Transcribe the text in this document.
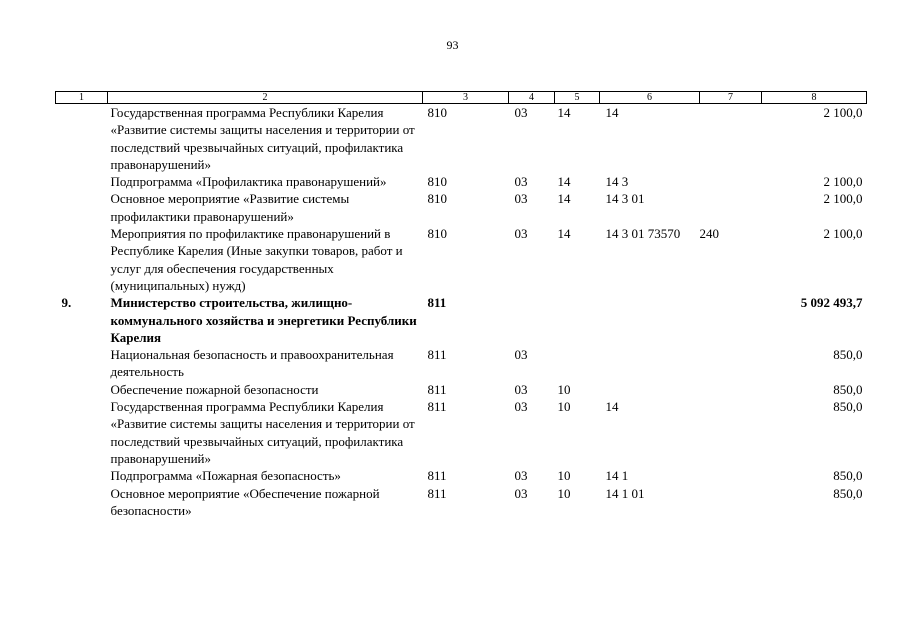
93
1	2	3	4	5	6	7	8
	Государственная программа Республики Карелия «Развитие системы защиты населения и территории от последствий чрезвычайных ситуаций, профилактика правонарушений»	810	03	14	14		2 100,0
	Подпрограмма «Профилактика правонарушений»	810	03	14	14 3		2 100,0
	Основное мероприятие «Развитие системы профилактики правонарушений»	810	03	14	14 3 01		2 100,0
	Мероприятия по профилактике правонарушений в Республике Карелия (Иные закупки товаров, работ и услуг для обеспечения государственных (муниципальных) нужд)	810	03	14	14 3 01 73570	240	2 100,0
9.	Министерство строительства, жилищно-коммунального хозяйства и энергетики Республики Карелия	811					5 092 493,7
	Национальная безопасность и правоохранительная деятельность	811	03				850,0
	Обеспечение пожарной безопасности	811	03	10			850,0
	Государственная программа Республики Карелия «Развитие системы защиты населения и территории от последствий чрезвычайных ситуаций, профилактика правонарушений»	811	03	10	14		850,0
	Подпрограмма «Пожарная безопасность»	811	03	10	14 1		850,0
	Основное мероприятие «Обеспечение пожарной безопасности»	811	03	10	14 1 01		850,0
